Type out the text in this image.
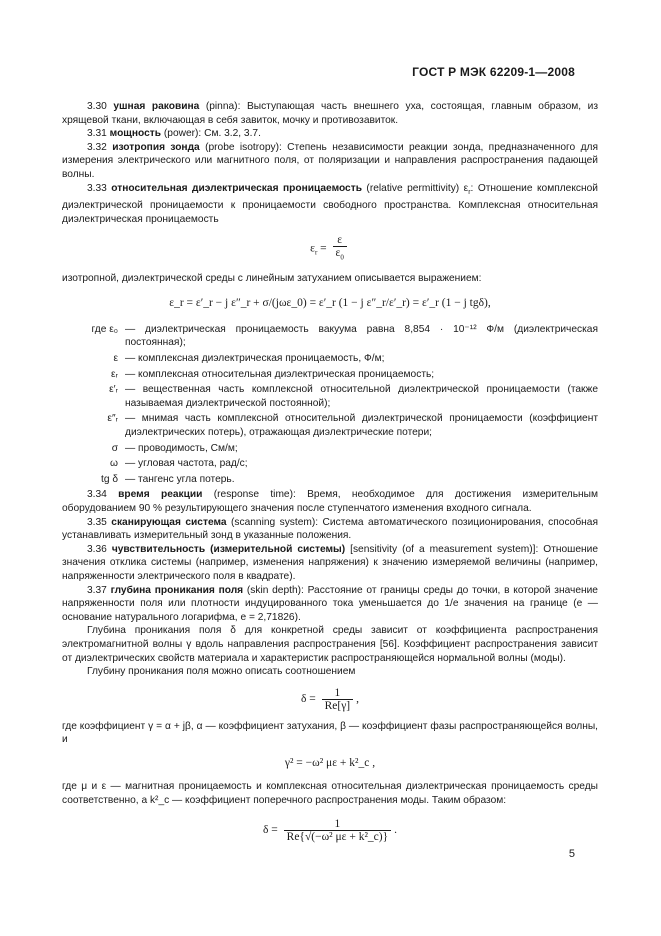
ГОСТ Р МЭК 62209-1—2008

3.30 ушная раковина (pinna): Выступающая часть внешнего уха, состоящая, главным образом, из хрящевой ткани, включающая в себя завиток, мочку и противозавиток.

3.31 мощность (power): См. 3.2, 3.7.

3.32 изотропия зонда (probe isotropy): Степень независимости реакции зонда, предназначенного для измерения электрического или магнитного поля, от поляризации и направления распространения падающей волны.

3.33 относительная диэлектрическая проницаемость (relative permittivity) $\varepsilon_r$: Отношение комплексной диэлектрической проницаемости к проницаемости свободного пространства. Комплексная относительная диэлектрическая проницаемость

$\varepsilon_r = \frac{\varepsilon}{\varepsilon_0}$

изотропной, диэлектрической среды с линейным затуханием описывается выражением:

ε_r = ε′_r − j ε″_r + σ/(jωε_0) = ε′_r (1 − j ε″_r/ε′_r) = ε′_r (1 − j tgδ),
где ε₀ — диэлектрическая проницаемость вакуума равна 8,854 · 10⁻¹² Ф/м (диэлектрическая постоянная);
ε — комплексная диэлектрическая проницаемость, Ф/м;
εᵣ — комплексная относительная диэлектрическая проницаемость;
ε′ᵣ — вещественная часть комплексной относительной диэлектрической проницаемости (также называемая диэлектрической постоянной);
ε″ᵣ — мнимая часть комплексной относительной диэлектрической проницаемости (коэффициент диэлектрических потерь), отражающая диэлектрические потери;
σ — проводимость, См/м;
ω — угловая частота, рад/с;
tg δ — тангенс угла потерь.

3.34 время реакции (response time): Время, необходимое для достижения измерительным оборудованием 90 % результирующего значения после ступенчатого изменения входного сигнала.

3.35 сканирующая система (scanning system): Система автоматического позиционирования, способная устанавливать измерительный зонд в указанные положения.

3.36 чувствительность (измерительной системы) [sensitivity (of a measurement system)]: Отношение значения отклика системы (например, изменения напряжения) к значению измеряемой величины (например, напряженности электрического поля в квадрате).

3.37 глубина проникания поля (skin depth): Расстояние от границы среды до точки, в которой значение напряженности поля или плотности индуцированного тока уменьшается до 1/e значения на границе (e — основание натурального логарифма, e = 2,71826).

Глубина проникания поля δ для конкретной среды зависит от коэффициента распространения электромагнитной волны γ вдоль направления распространения [56]. Коэффициент распространения зависит от диэлектрических свойств материала и характеристик распространяющейся нормальной волны (моды).

Глубину проникания поля можно описать соотношением

$\delta = \frac{1}{Re[\gamma]}$ ,

где коэффициент γ = α + jβ, α — коэффициент затухания, β — коэффициент фазы распространяющейся волны, и

γ² = −ω² με + k²_c ,

где μ и ε — магнитная проницаемость и комплексная относительная диэлектрическая проницаемость среды соответственно, а k²_c — коэффициент поперечного распространения моды. Таким образом:

$\delta = \frac{1}{\text{Re\{√(−ω² με + k²\_c)\}}}$ .
5
